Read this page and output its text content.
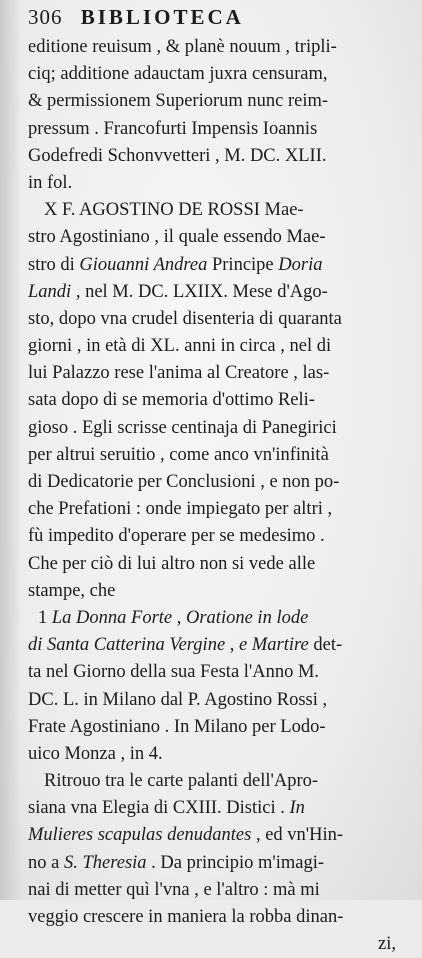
306 BIBLIOTECA
editione reuisum , & planè nouum , tripli-
ciq; additione adauctam juxra censuram,
& permissionem Superiorum nunc reim-
pressum . Francofurti Impensis Ioannis
Godefredi Schonvvetteri , M. DC. XLII.
in fol.
X F. AGOSTINO DE ROSSI Mae-
stro Agostiniano , il quale essendo Mae-
stro di Giouanni Andrea Principe Doria
Landi , nel M. DC. LXIIX. Mese d'Ago-
sto, dopo vna crudel disenteria di quaranta
giorni , in età di XL. anni in circa , nel di
lui Palazzo rese l'anima al Creatore , las-
sata dopo di se memoria d'ottimo Reli-
gioso . Egli scrisse centinaja di Panegirici
per altrui seruitio , come anco vn'infinità
di Dedicatorie per Conclusioni , e non po-
che Prefationi : onde impiegato per altri ,
fù impedito d'operare per se medesimo .
Che per ciò di lui altro non si vede alle
stampe, che
1 La Donna Forte , Oratione in lode
di Santa Catterina Vergine , e Martire det-
ta nel Giorno della sua Festa l'Anno M.
DC. L. in Milano dal P. Agostino Rossi ,
Frate Agostiniano . In Milano per Lodo-
uico Monza , in 4.
Ritrouo tra le carte palanti dell'Apro-
siana vna Elegia di CXIII. Distici . In
Mulieres scapulas denudantes , ed vn'Hin-
no a S. Theresia . Da principio m'imagi-
nai di metter quì l'vna , e l'altro : mà mi
veggio crescere in maniera la robba dinan-
zi,
